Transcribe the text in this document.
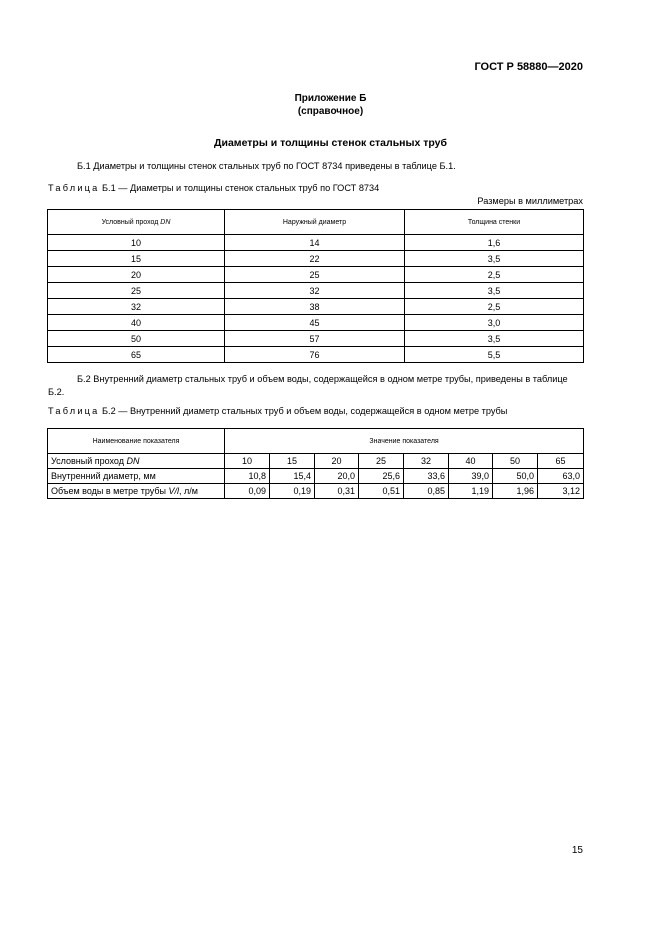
ГОСТ Р 58880—2020
Приложение Б
(справочное)
Диаметры и толщины стенок стальных труб
Б.1 Диаметры и толщины стенок стальных труб по ГОСТ 8734 приведены в таблице Б.1.
Таблица Б.1 — Диаметры и толщины стенок стальных труб по ГОСТ 8734
Размеры в миллиметрах
Условный проход DN	Наружный диаметр	Толщина стенки
10	14	1,6
15	22	3,5
20	25	2,5
25	32	3,5
32	38	2,5
40	45	3,0
50	57	3,5
65	76	5,5
Б.2 Внутренний диаметр стальных труб и объем воды, содержащейся в одном метре трубы, приведены в таблице Б.2.
Таблица Б.2 — Внутренний диаметр стальных труб и объем воды, содержащейся в одном метре трубы
Наименование показателя	Значение показателя							
Условный проход DN	10	15	20	25	32	40	50	65
Внутренний диаметр, мм	10,8	15,4	20,0	25,6	33,6	39,0	50,0	63,0
Объем воды в метре трубы V/l, л/м	0,09	0,19	0,31	0,51	0,85	1,19	1,96	3,12
15
